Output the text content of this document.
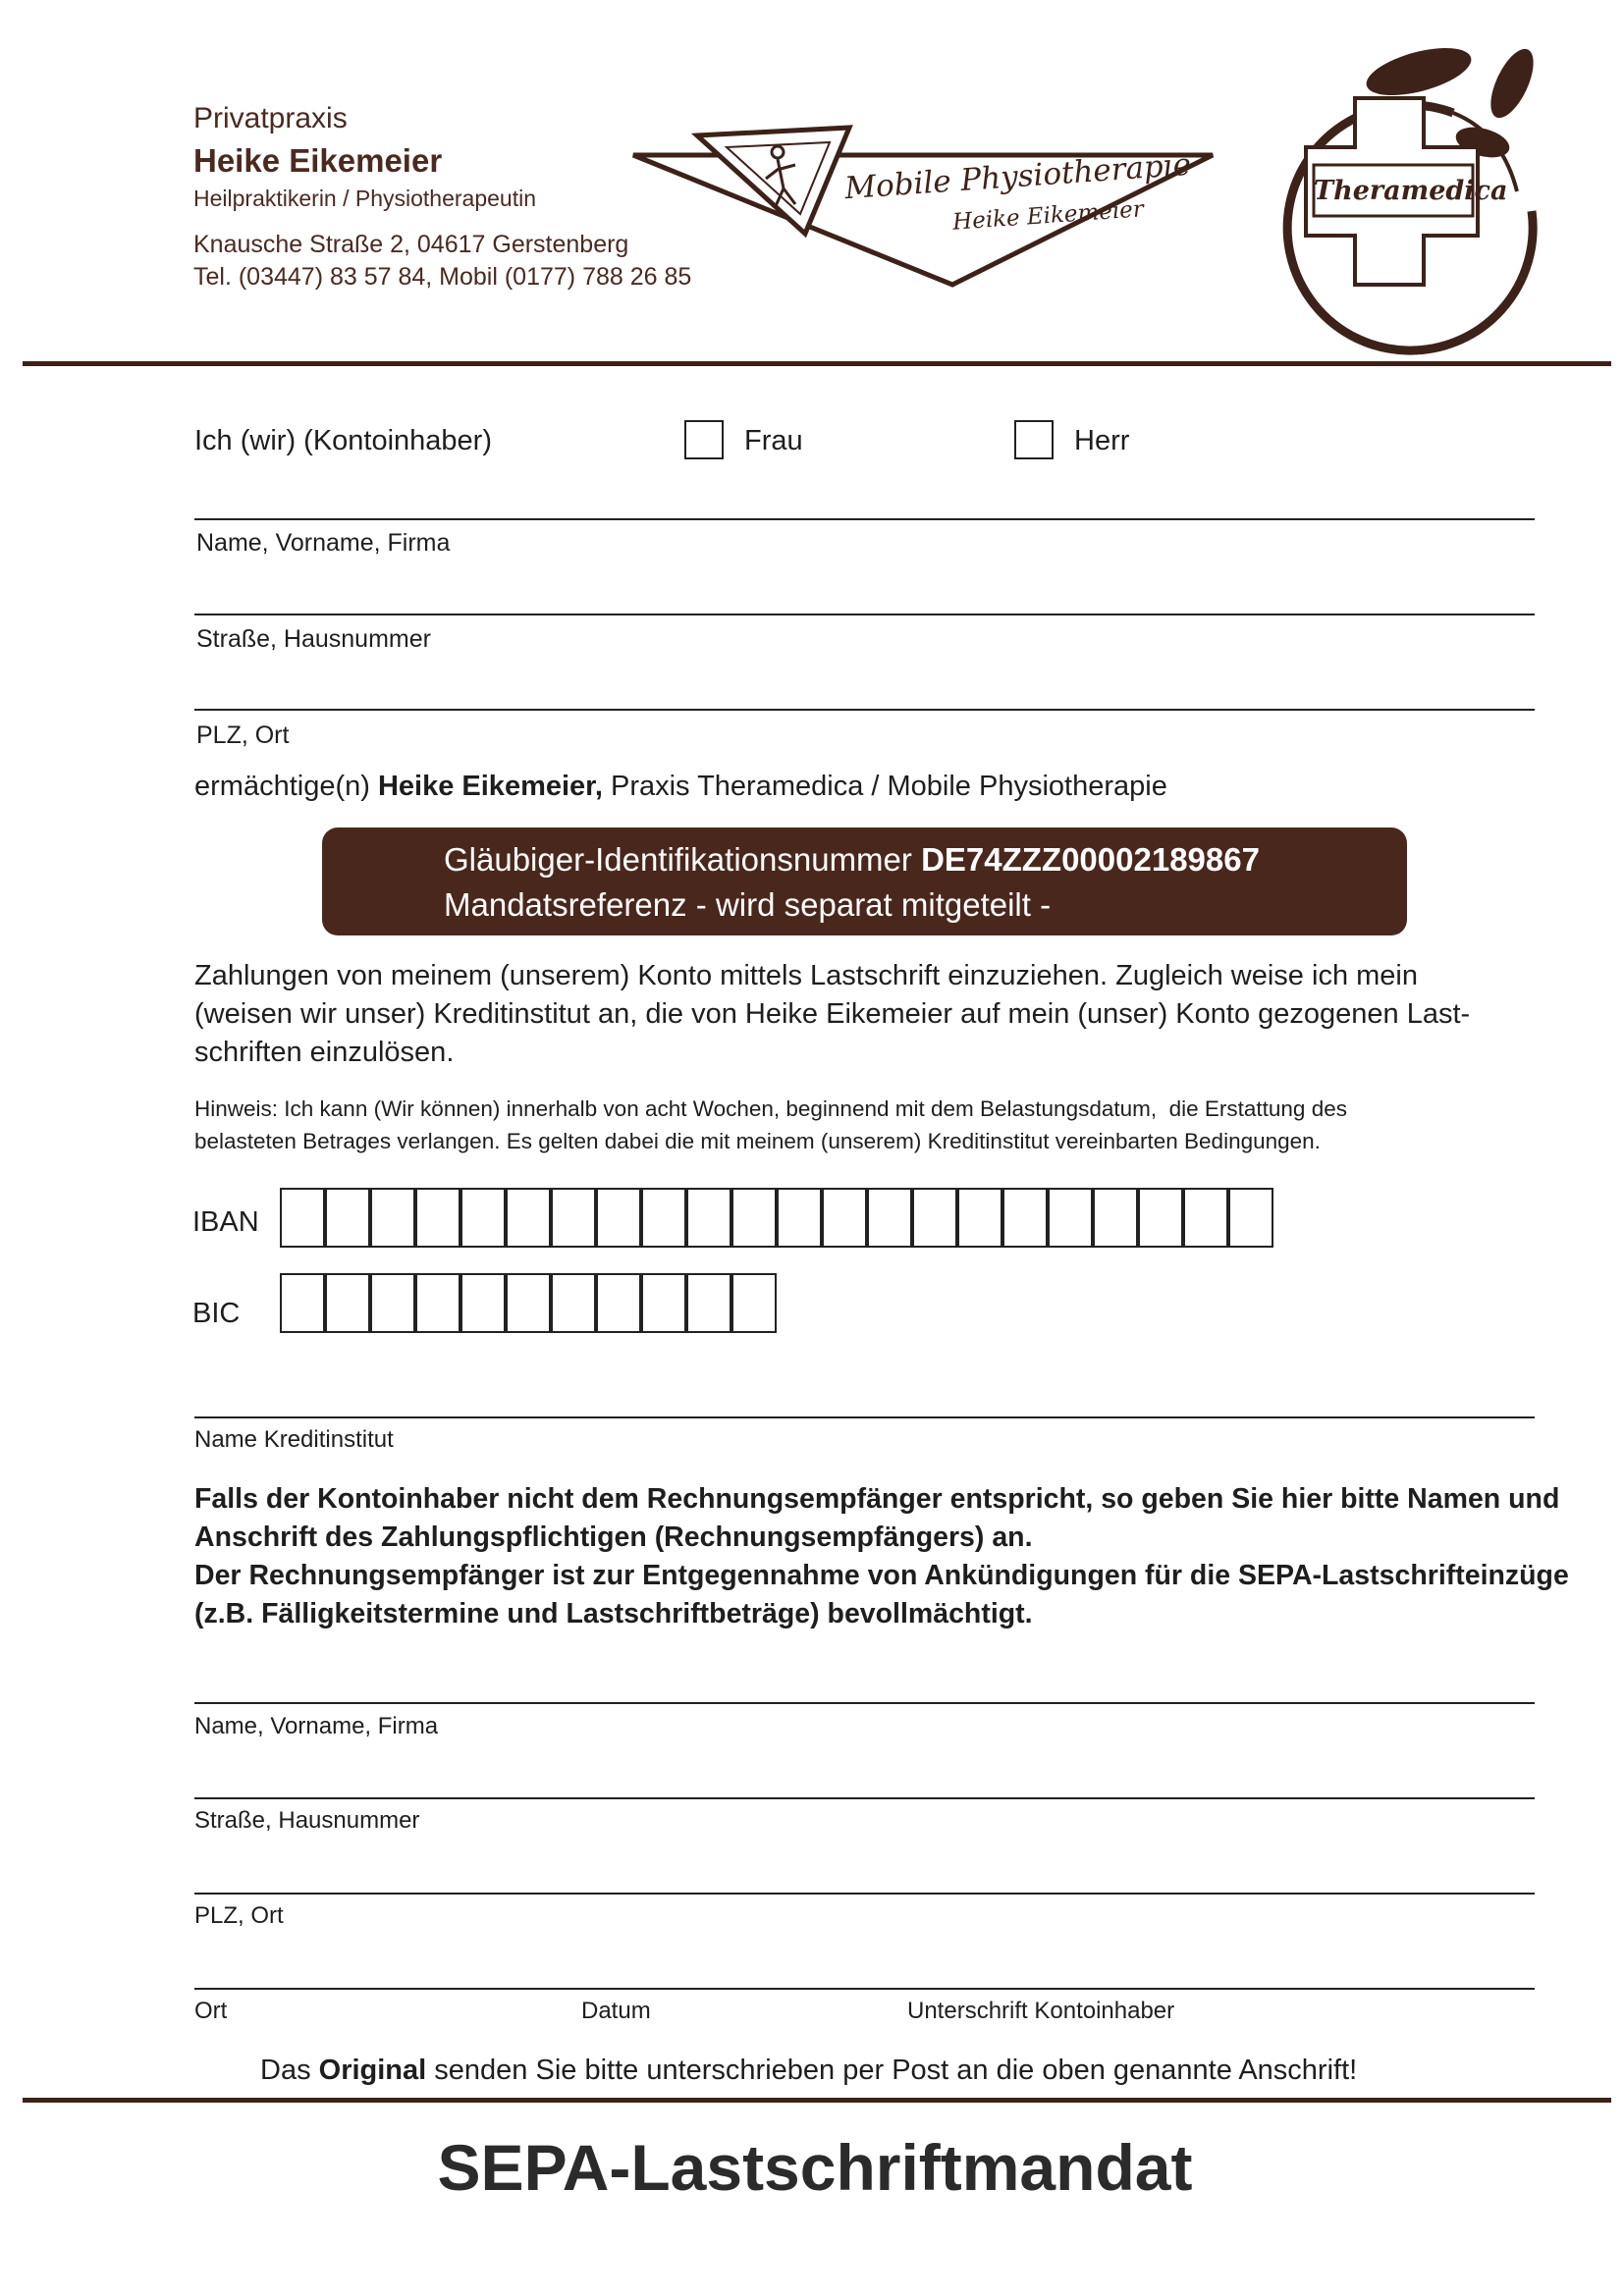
Privatpraxis
Heike Eikemeier
Heilpraktikerin / Physiotherapeutin
Knausche Straße 2, 04617 Gerstenberg
Tel. (03447) 83 57 84, Mobil (0177) 788 26 85
Mobile Physiotherapie
Heike Eikemeier
Theramedica
Ich (wir) (Kontoinhaber)	Frau	Herr
Name, Vorname, Firma
Straße, Hausnummer
PLZ, Ort
ermächtige(n) Heike Eikemeier, Praxis Theramedica / Mobile Physiotherapie
Gläubiger-Identifikationsnummer DE74ZZZ00002189867
Mandatsreferenz - wird separat mitgeteilt -
Zahlungen von meinem (unserem) Konto mittels Lastschrift einzuziehen. Zugleich weise ich mein
(weisen wir unser) Kreditinstitut an, die von Heike Eikemeier auf mein (unser) Konto gezogenen Last-
schriften einzulösen.
Hinweis: Ich kann (Wir können) innerhalb von acht Wochen, beginnend mit dem Belastungsdatum,  die Erstattung des
belasteten Betrages verlangen. Es gelten dabei die mit meinem (unserem) Kreditinstitut vereinbarten Bedingungen.
IBAN
BIC
Name Kreditinstitut
Falls der Kontoinhaber nicht dem Rechnungsempfänger entspricht, so geben Sie hier bitte Namen und
Anschrift des Zahlungspflichtigen (Rechnungsempfängers) an.
Der Rechnungsempfänger ist zur Entgegennahme von Ankündigungen für die SEPA-Lastschrifteinzüge
(z.B. Fälligkeitstermine und Lastschriftbeträge) bevollmächtigt.
Name, Vorname, Firma
Straße, Hausnummer
PLZ, Ort
Ort	Datum	Unterschrift Kontoinhaber
Das Original senden Sie bitte unterschrieben per Post an die oben genannte Anschrift!
SEPA-Lastschriftmandat
